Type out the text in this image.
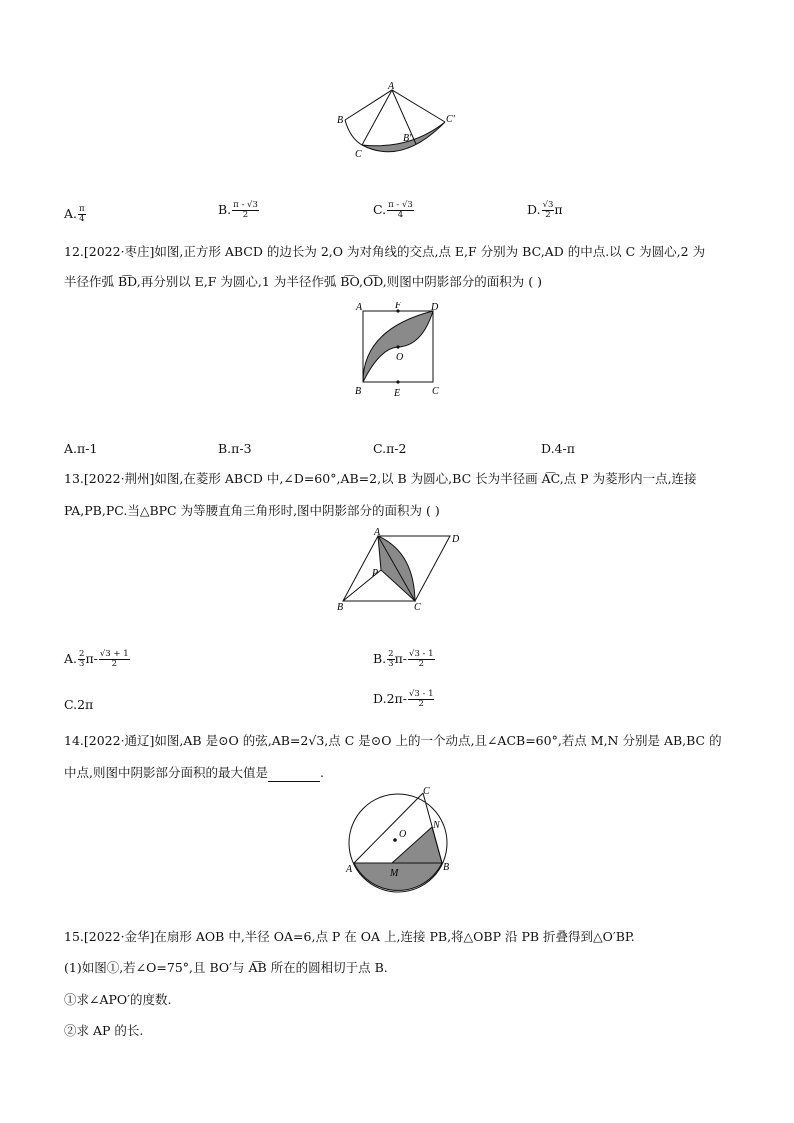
A
B
C
B'
C'
A. $\frac{\pi}{4}$	B. $\frac{\pi - √3}{2}$	C. $\frac{\pi - √3}{4}$	D. $\frac{√3}{2}$ π
12.[2022·枣庄]如图,正方形 ABCD 的边长为 2,O 为对角线的交点,点 E,F 分别为 BC,AD 的中点.以 C 为圆心,2 为
半径作弧 B͡D,再分别以 E,F 为圆心,1 为半径作弧 B͡O,O͡D,则图中阴影部分的面积为 ( )
A	F	D
O
B	E	C
A.π-1	B.π-3	C.π-2	D.4-π
13.[2022·荆州]如图,在菱形 ABCD 中,∠D=60°,AB=2,以 B 为圆心,BC 长为半径画 A͡C,点 P 为菱形内一点,连接
PA,PB,PC.当△BPC 为等腰直角三角形时,图中阴影部分的面积为 ( )
A
D
P
B	C
A. $\frac{2}{3} \pi- \frac{√3 + 1}{2}$	B. $\frac{2}{3} \pi- \frac{√3 - 1}{2}$
C.2π	$D.2\pi- \frac{√3 - 1}{2}$
14.[2022·通辽]如图,AB 是⊙O 的弦,AB=2√3,点 C 是⊙O 上的一个动点,且∠ACB=60°,若点 M,N 分别是 AB,BC 的
中点,则图中阴影部分面积的最大值是	.
C
O
N
A	M
B
15.[2022·金华]在扇形 AOB 中,半径 OA=6,点 P 在 OA 上,连接 PB,将△OBP 沿 PB 折叠得到△O′BP.
(1)如图①,若∠O=75°,且 BO′与 A͡B 所在的圆相切于点 B.
①求∠APO′的度数.
②求 AP 的长.
